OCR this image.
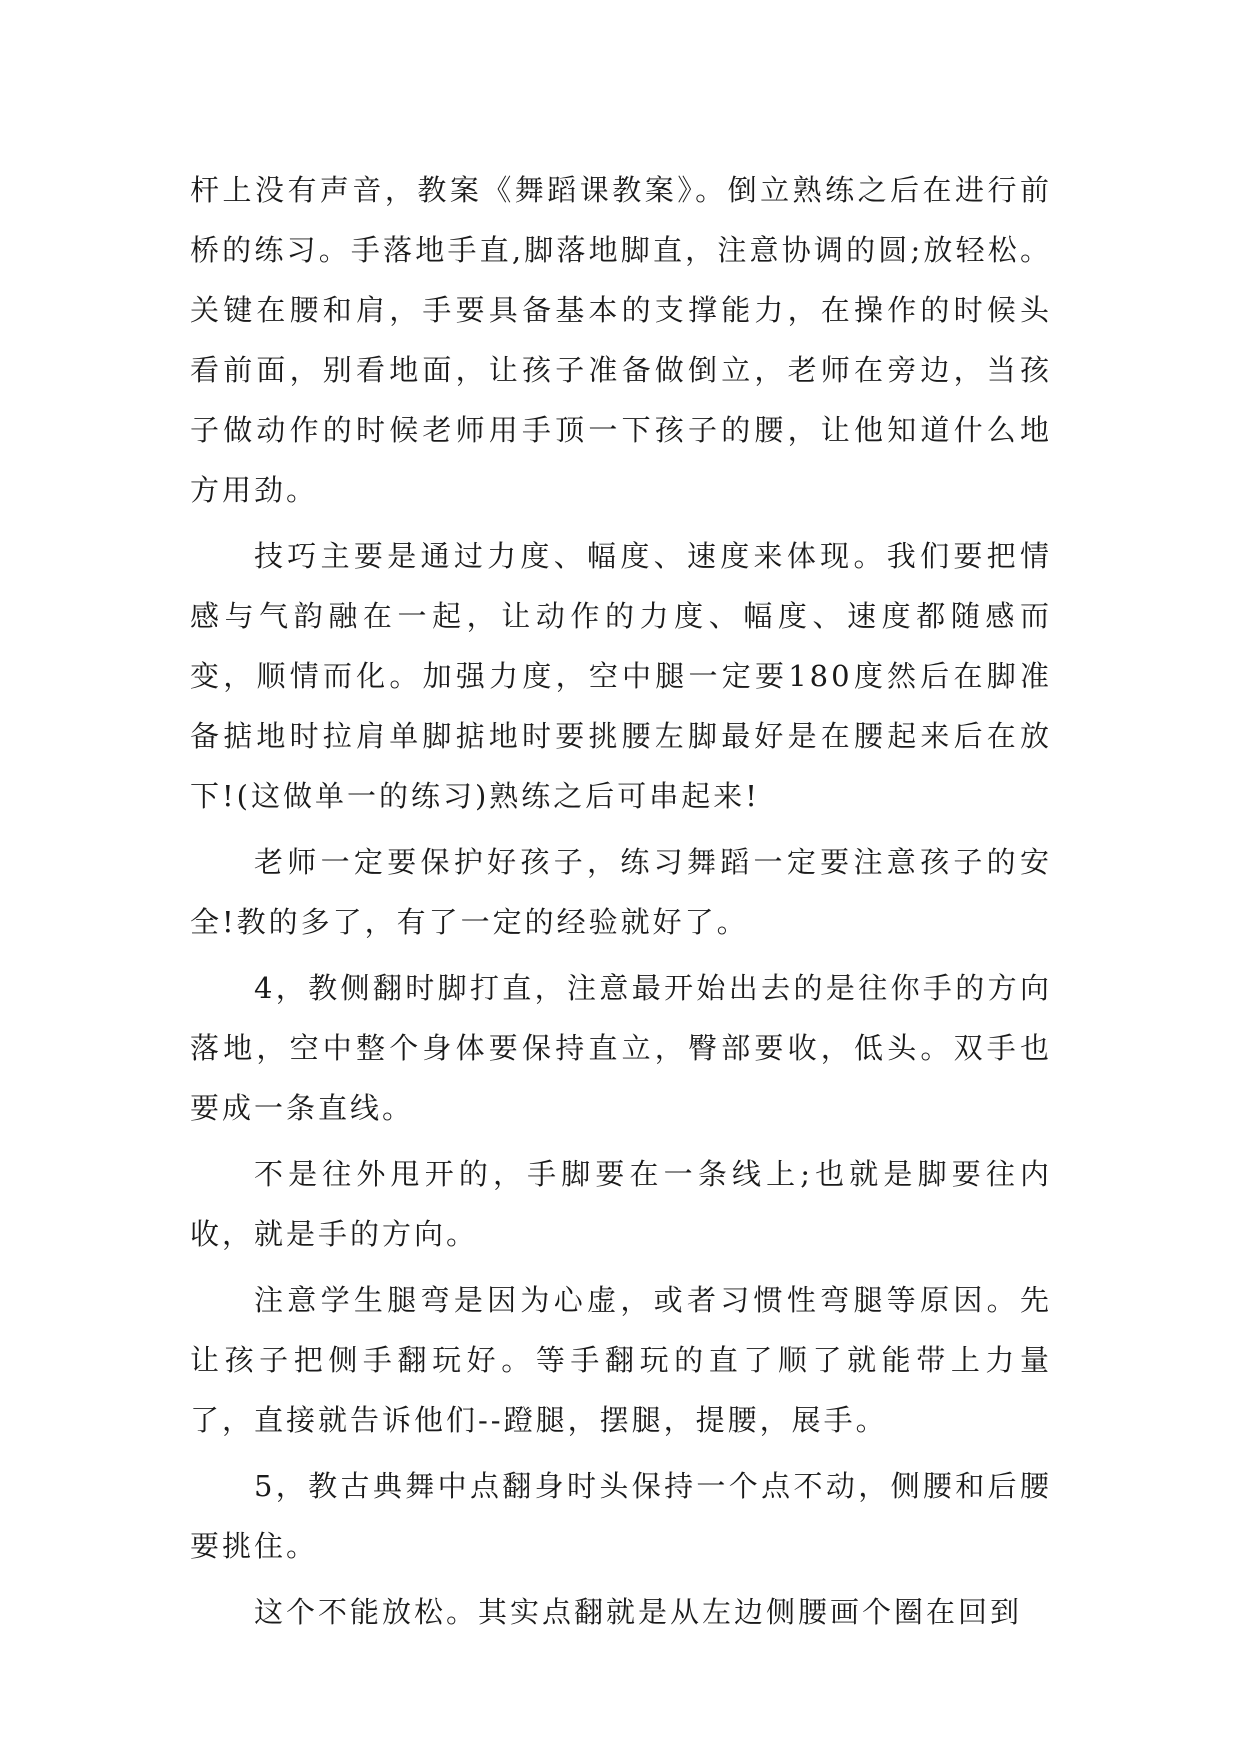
杆上没有声音，教案《舞蹈课教案》。倒立熟练之后在进行前桥的练习。手落地手直,脚落地脚直，注意协调的圆;放轻松。关键在腰和肩，手要具备基本的支撑能力，在操作的时候头看前面，别看地面，让孩子准备做倒立，老师在旁边，当孩子做动作的时候老师用手顶一下孩子的腰，让他知道什么地方用劲。

技巧主要是通过力度、幅度、速度来体现。我们要把情感与气韵融在一起，让动作的力度、幅度、速度都随感而变，顺情而化。加强力度，空中腿一定要180度然后在脚准备掂地时拉肩单脚掂地时要挑腰左脚最好是在腰起来后在放下!(这做单一的练习)熟练之后可串起来!

老师一定要保护好孩子，练习舞蹈一定要注意孩子的安全!教的多了，有了一定的经验就好了。

4，教侧翻时脚打直，注意最开始出去的是往你手的方向落地，空中整个身体要保持直立，臀部要收，低头。双手也要成一条直线。

不是往外甩开的，手脚要在一条线上;也就是脚要往内收，就是手的方向。

注意学生腿弯是因为心虚，或者习惯性弯腿等原因。先让孩子把侧手翻玩好。等手翻玩的直了顺了就能带上力量了，直接就告诉他们--蹬腿，摆腿，提腰，展手。

5，教古典舞中点翻身时头保持一个点不动，侧腰和后腰要挑住。

这个不能放松。其实点翻就是从左边侧腰画个圈在回到
